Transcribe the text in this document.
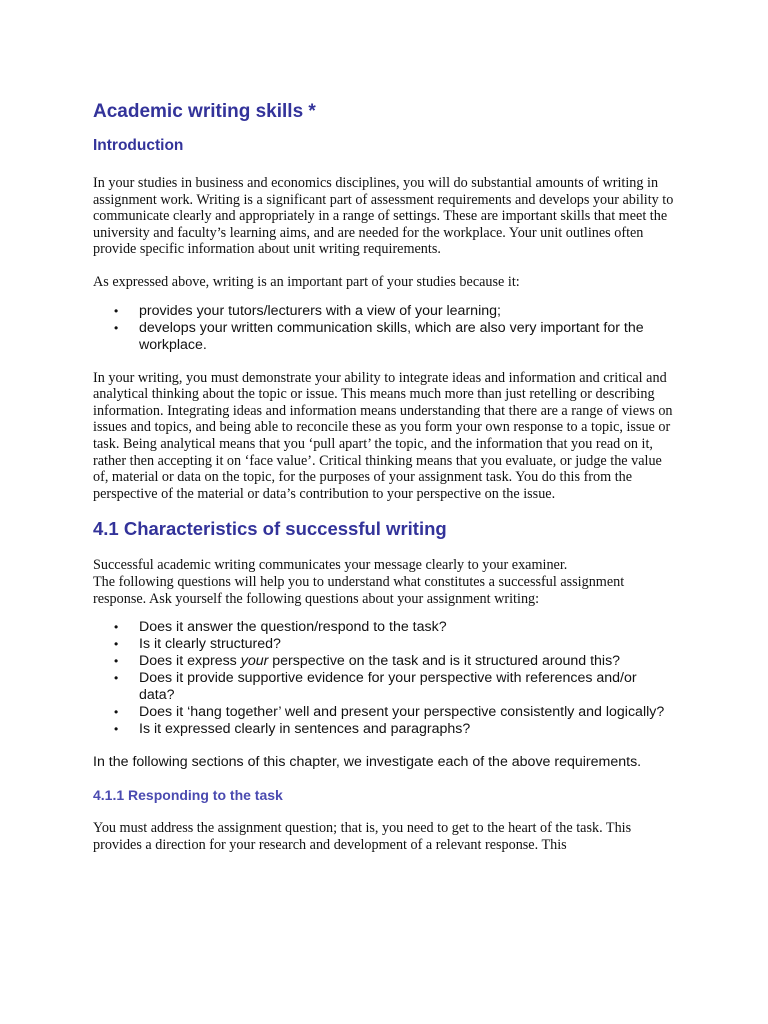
Academic writing skills *
Introduction

In your studies in business and economics disciplines, you will do substantial amounts of writing in assignment work. Writing is a significant part of assessment requirements and develops your ability to communicate clearly and appropriately in a range of settings. These are important skills that meet the university and faculty’s learning aims, and are needed for the workplace. Your unit outlines often provide specific information about unit writing requirements.

As expressed above, writing is an important part of your studies because it:

• provides your tutors/lecturers with a view of your learning;
• develops your written communication skills, which are also very important for the workplace.

In your writing, you must demonstrate your ability to integrate ideas and information and critical and analytical thinking about the topic or issue. This means much more than just retelling or describing information. Integrating ideas and information means understanding that there are a range of views on issues and topics, and being able to reconcile these as you form your own response to a topic, issue or task. Being analytical means that you ‘pull apart’ the topic, and the information that you read on it, rather then accepting it on ‘face value’. Critical thinking means that you evaluate, or judge the value of, material or data on the topic, for the purposes of your assignment task. You do this from the perspective of the material or data’s contribution to your perspective on the issue.

4.1 Characteristics of successful writing

Successful academic writing communicates your message clearly to your examiner.

The following questions will help you to understand what constitutes a successful assignment response. Ask yourself the following questions about your assignment writing:

• Does it answer the question/respond to the task?
• Is it clearly structured?
• Does it express your perspective on the task and is it structured around this?
• Does it provide supportive evidence for your perspective with references and/or data?
• Does it ‘hang together’ well and present your perspective consistently and logically?
• Is it expressed clearly in sentences and paragraphs?

In the following sections of this chapter, we investigate each of the above requirements.

4.1.1 Responding to the task

You must address the assignment question; that is, you need to get to the heart of the task. This provides a direction for your research and development of a relevant response. This
